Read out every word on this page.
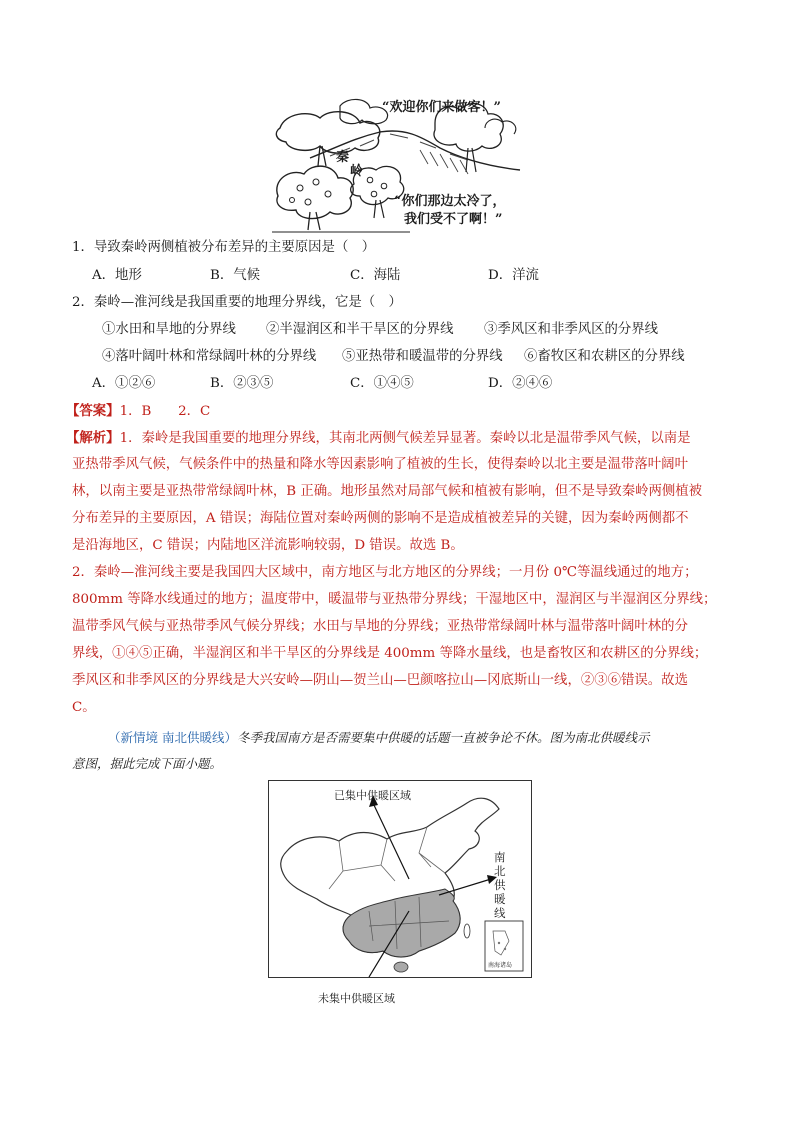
“欢迎你们来做客！”
秦
岭
“你们那边太冷了，
我们受不了啊！”
1．导致秦岭两侧植被分布差异的主要原因是（　）
A．地形	B．气候	C．海陆	D．洋流
2．秦岭—淮河线是我国重要的地理分界线，它是（　）
①水田和旱地的分界线 ②半湿润区和半干旱区的分界线 ③季风区和非季风区的分界线
④落叶阔叶林和常绿阔叶林的分界线 ⑤亚热带和暖温带的分界线 ⑥畜牧区和农耕区的分界线
A．①②⑥	B．②③⑤	C．①④⑤	D．②④⑥
【答案】1．B　　2．C
【解析】1．秦岭是我国重要的地理分界线，其南北两侧气候差异显著。秦岭以北是温带季风气候，以南是
亚热带季风气候，气候条件中的热量和降水等因素影响了植被的生长，使得秦岭以北主要是温带落叶阔叶
林，以南主要是亚热带常绿阔叶林，B 正确。地形虽然对局部气候和植被有影响，但不是导致秦岭两侧植被
分布差异的主要原因，A 错误；海陆位置对秦岭两侧的影响不是造成植被差异的关键，因为秦岭两侧都不
是沿海地区，C 错误；内陆地区洋流影响较弱，D 错误。故选 B。
2．秦岭—淮河线主要是我国四大区域中，南方地区与北方地区的分界线；一月份 0℃等温线通过的地方；
800mm 等降水线通过的地方；温度带中，暖温带与亚热带分界线；干湿地区中，湿润区与半湿润区分界线；
温带季风气候与亚热带季风气候分界线；水田与旱地的分界线；亚热带常绿阔叶林与温带落叶阔叶林的分
界线，①④⑤正确，半湿润区和半干旱区的分界线是 400mm 等降水量线，也是畜牧区和农耕区的分界线；
季风区和非季风区的分界线是大兴安岭—阴山—贺兰山—巴颜喀拉山—冈底斯山一线，②③⑥错误。故选
C。
（新情境 南北供暖线）冬季我国南方是否需要集中供暖的话题一直被争论不休。图为南北供暖线示
意图，据此完成下面小题。
已集中供暖区域
南
北
供
暖
线
南海诸岛
未集中供暖区域
